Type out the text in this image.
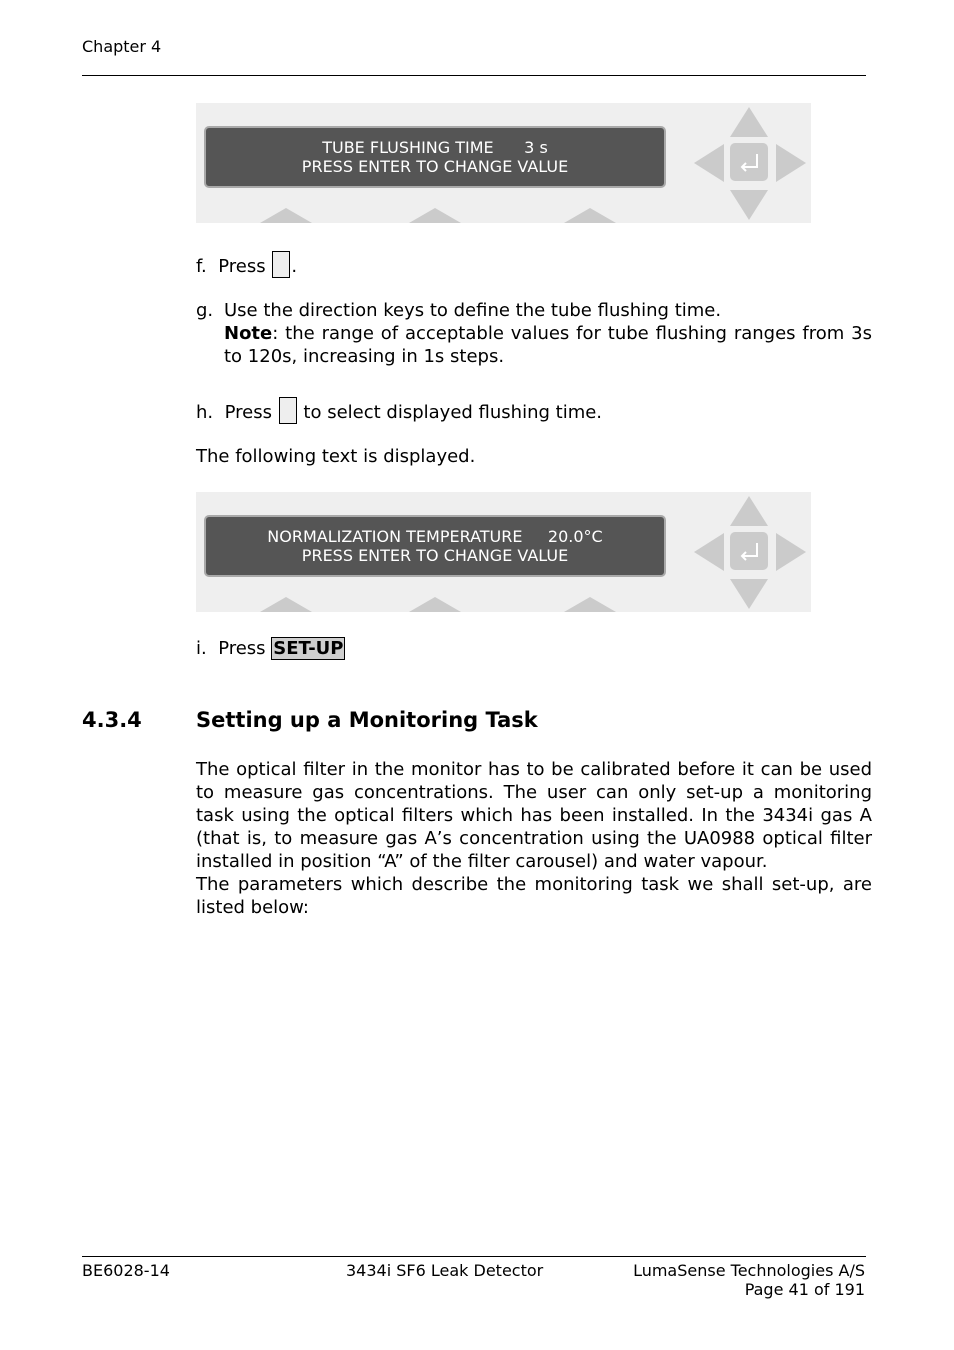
Chapter 4
TUBE FLUSHING TIME      3 s
PRESS ENTER TO CHANGE VALUE
f. Press .
g. Use the direction keys to define the tube flushing time.
Note: the range of acceptable values for tube flushing ranges from 3s to 120s, increasing in 1s steps.
h. Press  to select displayed flushing time.
The following text is displayed.
NORMALIZATION TEMPERATURE     20.0°C
PRESS ENTER TO CHANGE VALUE
i. Press SET-UP
4.3.4	Setting up a Monitoring Task
The optical filter in the monitor has to be calibrated before it can be used to measure gas concentrations. The user can only set-up a monitoring task using the optical filters which has been installed. In the 3434i gas A (that is, to measure gas A’s concentration using the UA0988 optical filter installed in position “A” of the filter carousel) and water vapour.
The parameters which describe the monitoring task we shall set-up, are listed below:
BE6028-14	3434i SF6 Leak Detector	LumaSense Technologies A/S
Page 41 of 191
